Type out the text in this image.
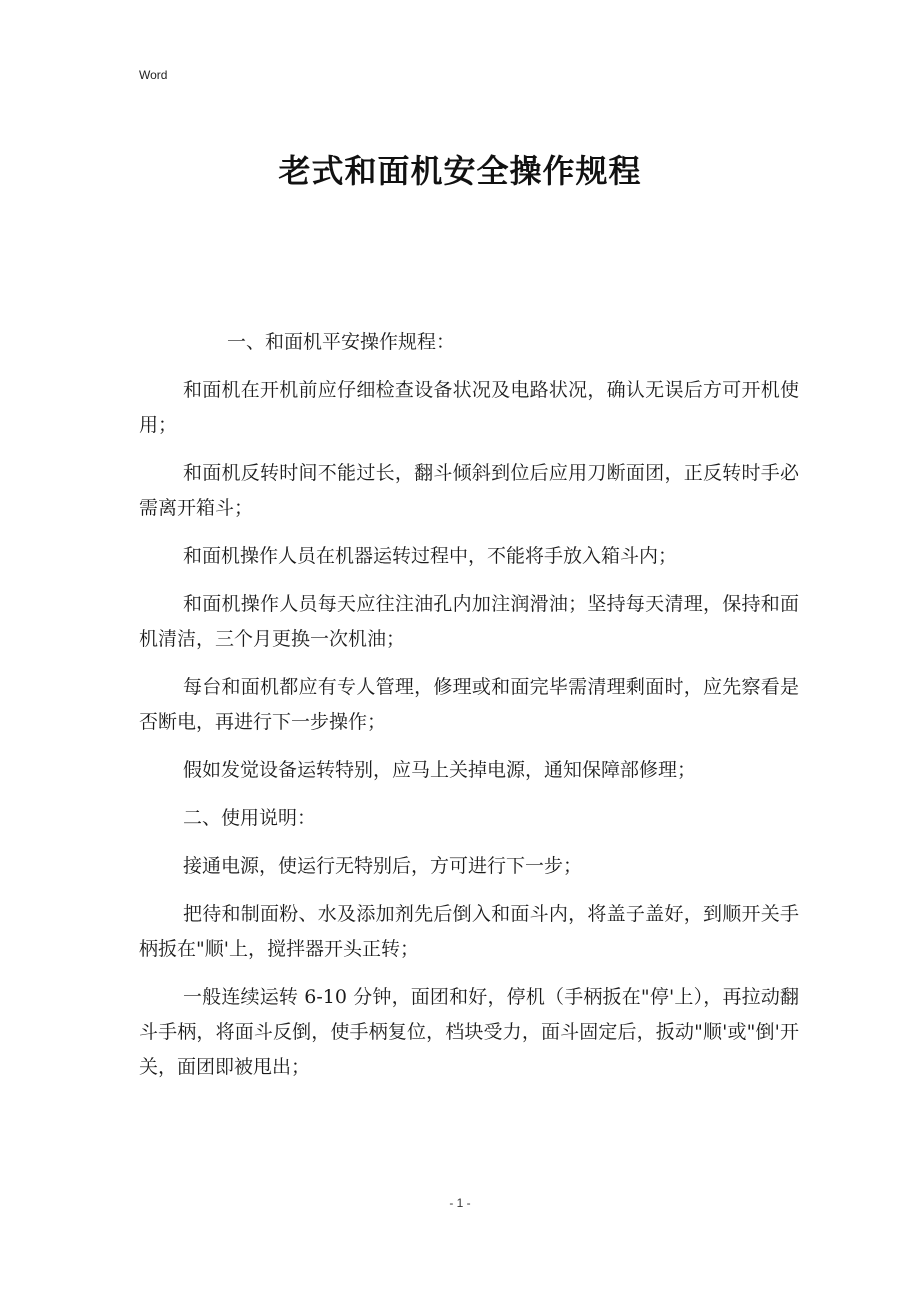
Word
老式和面机安全操作规程

一、和面机平安操作规程：

和面机在开机前应仔细检查设备状况及电路状况，确认无误后方可开机使用；

和面机反转时间不能过长，翻斗倾斜到位后应用刀断面团，正反转时手必需离开箱斗；

和面机操作人员在机器运转过程中，不能将手放入箱斗内；

和面机操作人员每天应往注油孔内加注润滑油；坚持每天清理，保持和面机清洁，三个月更换一次机油；

每台和面机都应有专人管理，修理或和面完毕需清理剩面时，应先察看是否断电，再进行下一步操作；

假如发觉设备运转特别，应马上关掉电源，通知保障部修理；

二、使用说明：

接通电源，使运行无特别后，方可进行下一步；

把待和制面粉、水及添加剂先后倒入和面斗内，将盖子盖好，到顺开关手柄扳在"顺'上，搅拌器开头正转；

一般连续运转 6-10 分钟，面团和好，停机（手柄扳在"停'上），再拉动翻斗手柄，将面斗反倒，使手柄复位，档块受力，面斗固定后，扳动"顺'或"倒'开关，面团即被甩出；

- 1 -
